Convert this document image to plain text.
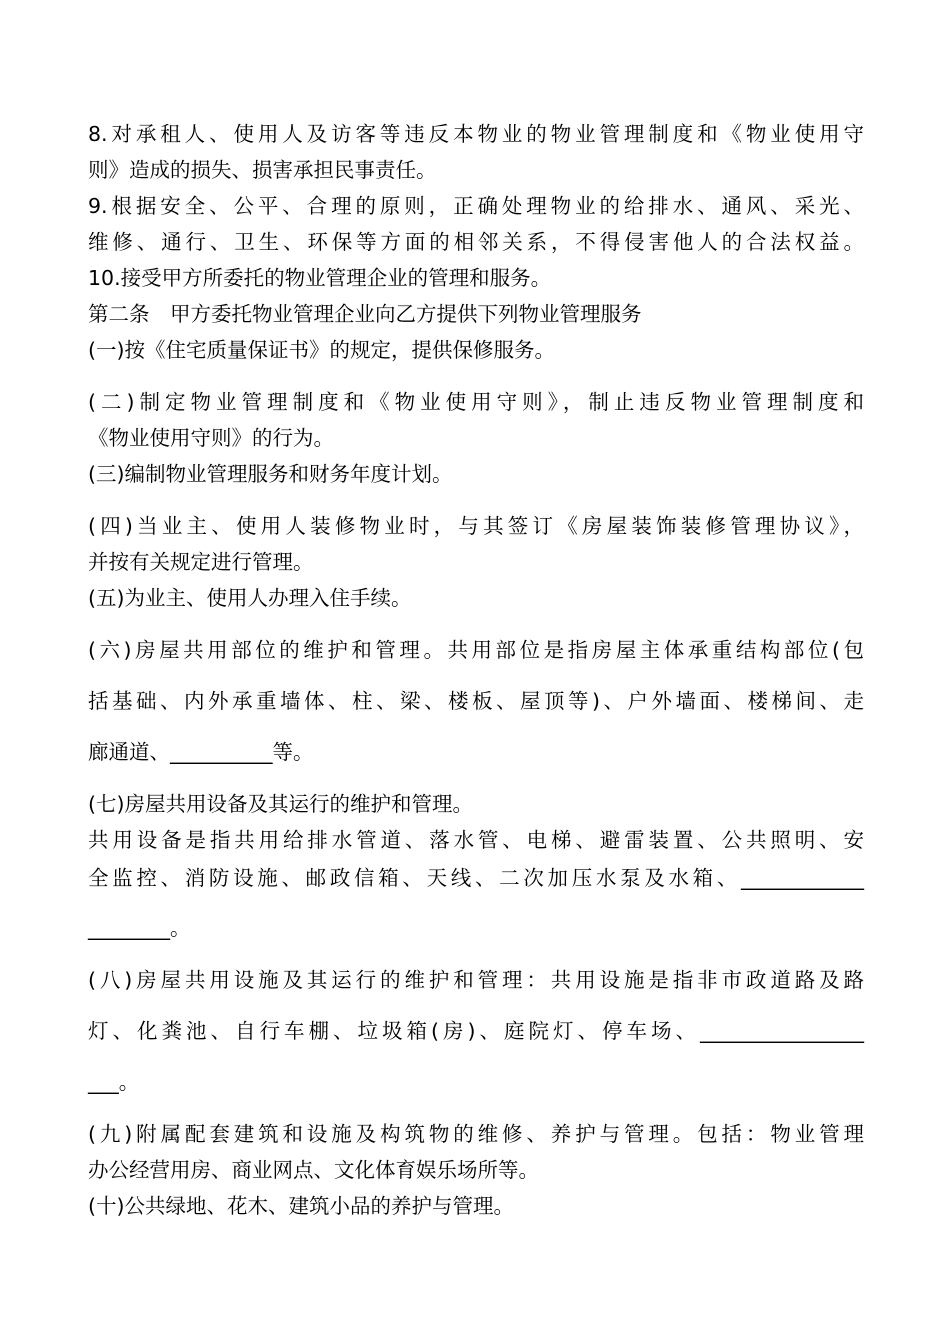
8.对承租人、使用人及访客等违反本物业的物业管理制度和《物业使用守
则》造成的损失、损害承担民事责任。
9.根据安全、公平、合理的原则，正确处理物业的给排水、通风、采光、
维修、通行、卫生、环保等方面的相邻关系，不得侵害他人的合法权益。
10.接受甲方所委托的物业管理企业的管理和服务。
第二条　甲方委托物业管理企业向乙方提供下列物业管理服务
(一)按《住宅质量保证书》的规定，提供保修服务。
(二)制定物业管理制度和《物业使用守则》，制止违反物业管理制度和
《物业使用守则》的行为。
(三)编制物业管理服务和财务年度计划。
(四)当业主、使用人装修物业时，与其签订《房屋装饰装修管理协议》，
并按有关规定进行管理。
(五)为业主、使用人办理入住手续。
(六)房屋共用部位的维护和管理。共用部位是指房屋主体承重结构部位(包
括基础、内外承重墙体、柱、梁、楼板、屋顶等)、户外墙面、楼梯间、走
廊通道、__________等。
(七)房屋共用设备及其运行的维护和管理。
共用设备是指共用给排水管道、落水管、电梯、避雷装置、公共照明、安
全监控、消防设施、邮政信箱、天线、二次加压水泵及水箱、____________
________。
(八)房屋共用设施及其运行的维护和管理：共用设施是指非市政道路及路
灯、化粪池、自行车棚、垃圾箱(房)、庭院灯、停车场、________________
___。
(九)附属配套建筑和设施及构筑物的维修、养护与管理。包括：物业管理
办公经营用房、商业网点、文化体育娱乐场所等。
(十)公共绿地、花木、建筑小品的养护与管理。
